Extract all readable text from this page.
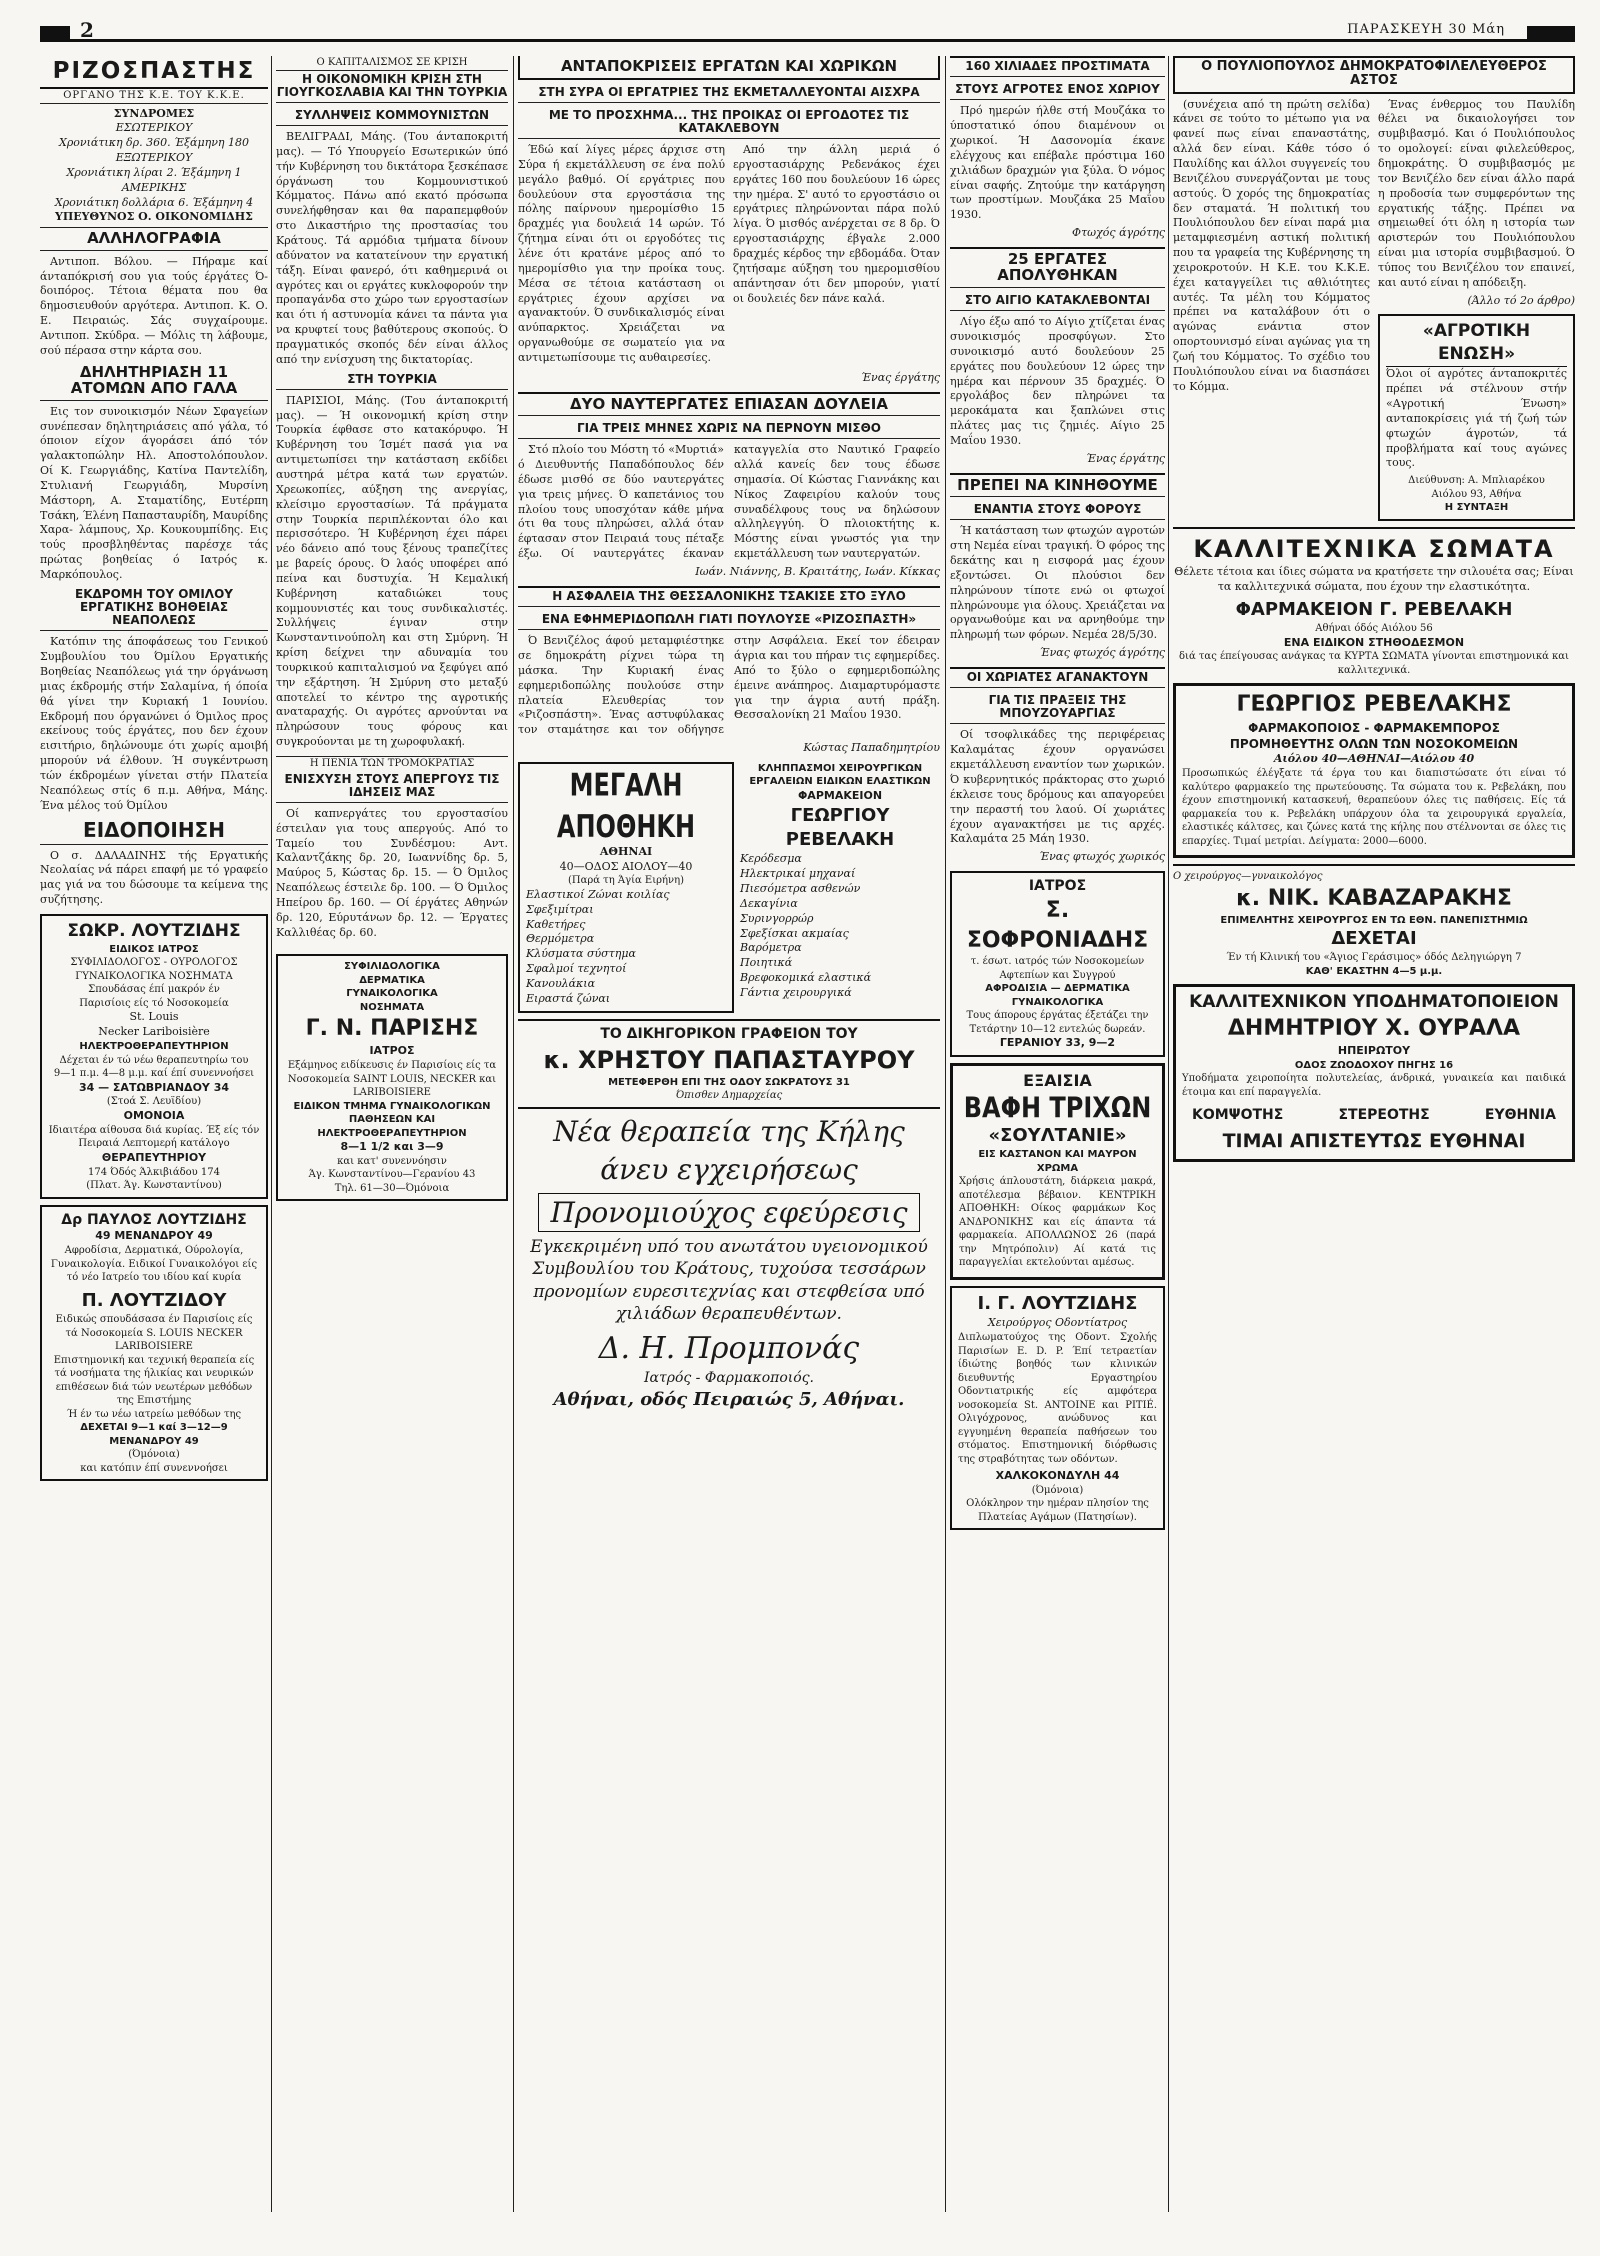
2	ΠΑΡΑΣΚΕΥΗ 30 Μάη
ΡΙΖΟΣΠΑΣΤΗΣ
ΟΡΓΑΝΟ ΤΗΣ Κ.Ε. ΤΟΥ Κ.Κ.Ε.
ΣΥΝΔΡΟΜΕΣ
ΕΣΩΤΕΡΙΚΟΥ
Χρονιάτικη δρ. 360. Έξάμηνη 180
ΕΞΩΤΕΡΙΚΟΥ
Χρονιάτικη λίραι 2. Έξάμηνη 1
ΑΜΕΡΙΚΗΣ
Χρονιάτικη δολλάρια 6. Έξάμηνη 4
ΥΠΕΥΘΥΝΟΣ Ο. ΟΙΚΟΝΟΜΙΔΗΣ
ΑΛΛΗΛΟΓΡΑΦΙΑ

Αντιποπ. Βόλου. — Πήραμε καί άνταπόκρισή σου για τούς έργάτες Ό- δοιπόρος. Τέτοια θέματα που θα δημοσιευθούν αργότερα. Αντιποπ. Κ. Ο. Ε. Πειραιώς. Σάς συγχαίρουμε. Αντιποπ. Σκύδρα. — Μόλις τη λάβουμε, σού πέρασα στην κάρτα σου.

ΔΗΛΗΤΗΡΙΑΣΗ 11 ΑΤΟΜΩΝ ΑΠΟ ΓΑΛΑ

Εις τον συνοικισμόν Νέων Σφαγείων συνέπεσαν δηλητηριάσεις από γάλα, τό όποιον είχον άγοράσει άπό τόν γαλακτοπώλην Ηλ. Αποστολόπουλον. Οί Κ. Γεωργιάδης, Κατίνα Παντελίδη, Στυλιανή Γεωργιάδη, Μυρσίνη Μάστορη, Α. Σταματίδης, Ευτέρπη Τσάκη, Έλένη Παπασταυρίδη, Μαυρίδης Χαρα- λάμπους, Χρ. Κουκουμπίδης. Εις τούς προσβληθέντας παρέσχε τάς πρώτας βοηθείας ό Ιατρός κ. Μαρκόπουλος.

ΕΚΔΡΟΜΗ ΤΟΥ ΟΜΙΛΟΥ ΕΡΓΑΤΙΚΗΣ ΒΟΗΘΕΙΑΣ ΝΕΑΠΟΛΕΩΣ

Κατόπιν της άποφάσεως του Γενικού Συμβουλίου του Όμίλου Εργατικής Βοηθείας Νεαπόλεως γιά την όργάνωση μιας έκδρομής στήν Σαλαμίνα, ή όποία θά γίνει την Κυριακή 1 Ιουνίου. Εκδρομή που όργανώνει ό Όμιλος προς εκείνους τούς έργάτες, που δεν έχουν εισιτήριο, δηλώνουμε ότι χωρίς αμοιβή μπορούν νά έλθουν. Ή συγκέντρωση τών έκδρομέων γίνεται στήν Πλατεία Νεαπόλεως στίς 6 π.μ. Αθήνα, Μάης. Ένα μέλος τού Όμίλου

ΕΙΔΟΠΟΙΗΣΗ

Ο σ. ΔΑΛΑΔΙΝΗΣ τής Εργατικής Νεολαίας νά πάρει επαφή με τό γραφείο μας γιά να του δώσουμε τα κείμενα της συζήτησης.

ΣΩΚΡ. ΛΟΥΤΖΙΔΗΣ
ΕΙΔΙΚΟΣ ΙΑΤΡΟΣ
ΣΥΦΙΛΙΔΟΛΟΓΟΣ - ΟΥΡΟΛΟΓΟΣ
ΓΥΝΑΙΚΟΛΟΓΙΚΑ ΝΟΣΗΜΑΤΑ
Σπουδάσας έπί μακρόν έν
Παρισίοις είς τό Νοσοκομεία
St. Louis
Necker Lariboisière
ΗΛΕΚΤΡΟΘΕΡΑΠΕΥΤΗΡΙΟΝ
Δέχεται έν τώ νέω θεραπευτηρίω του
9—1 π.μ. 4—8 μ.μ. καί έπί συνεννοήσει
34 — ΣΑΤΩΒΡΙΑΝΔΟΥ 34
(Στοά Σ. Λευϊδίου)
ΟΜΟΝΟΙΑ
Ιδιαιτέρα αίθουσα διά κυρίας. Έξ είς τόν Πειραιά Λεπτομερή κατάλογο
ΘΕΡΑΠΕΥΤΗΡΙΟΥ
174 Όδός Άλκιβιάδου 174
(Πλατ. Άγ. Κωνσταντίνου)
Δρ ΠΑΥΛΟΣ ΛΟΥΤΖΙΔΗΣ
49 ΜΕΝΑΝΔΡΟΥ 49
Αφροδίσια, Δερματικά, Ούρολογία, Γυναικολογία. Ειδικοί Γυναικολόγοι είς τό νέο Ιατρείο του ιδίου καί κυρία
Π. ΛΟΥΤΖΙΔΟΥ
Ειδικώς σπουδάσασα έν Παρισίοις είς τά Νοσοκομεία S. LOUIS NECKER LARIBOISIERE
Επιστημονική και τεχνική θεραπεία είς τά νοσήματα της ήλικίας και νευρικών επιθέσεων διά τών νεωτέρων μεθόδων της Επιστήμης
Ή έν τω νέω ιατρείω μεθόδων της
ΔΕΧΕΤΑΙ 9—1 καί 3—12—9
ΜΕΝΑΝΔΡΟΥ 49
(Όμόνοια)
και κατόπιν έπί συνεννοήσει
Ο ΚΑΠΙΤΑΛΙΣΜΟΣ ΣΕ ΚΡΙΣΗ
Η ΟΙΚΟΝΟΜΙΚΗ ΚΡΙΣΗ ΣΤΗ ΓΙΟΥΓΚΟΣΛΑΒΙΑ ΚΑΙ ΤΗΝ ΤΟΥΡΚΙΑ
ΣΥΛΛΗΨΕΙΣ ΚΟΜΜΟΥΝΙΣΤΩΝ

ΒΕΛΙΓΡΑΔΙ, Μάης. (Του άνταποκριτή μας). — Τό Υπουργείο Εσωτερικών ύπό τήν Κυβέρνηση του δικτάτορα ξεσκέπασε όργάνωση του Κομμουνιστικού Κόμματος. Πάνω από εκατό πρόσωπα συνελήφθησαν και θα παραπεμφθούν στο Δικαστήριο της προστασίας του Κράτους. Τά αρμόδια τμήματα δίνουν αδύνατον να κατατείνουν την εργατική τάξη. Είναι φανερό, ότι καθημερινά οι αγρότες και οι εργάτες κυκλοφορούν την προπαγάνδα στο χώρο των εργοστασίων και ότι ή αστυνομία κάνει τα πάντα για να κρυφτεί τους βαθύτερους σκοπούς. Ό πραγματικός σκοπός δέν είναι άλλος από την ενίσχυση της δικτατορίας.

ΣΤΗ ΤΟΥΡΚΙΑ

ΠΑΡΙΣΙΟΙ, Μάης. (Του άνταποκριτή μας). — Ή οικονομική κρίση στην Τουρκία έφθασε στο κατακόρυφο. Ή Κυβέρνηση του Ίσμέτ πασά για να αντιμετωπίσει την κατάσταση εκδίδει αυστηρά μέτρα κατά των εργατών. Χρεωκοπίες, αύξηση της ανεργίας, κλείσιμο εργοστασίων. Τά πράγματα στην Τουρκία περιπλέκονται όλο και περισσότερο. Ή Κυβέρνηση έχει πάρει νέο δάνειο από τους ξένους τραπεζίτες με βαρείς όρους. Ό λαός υποφέρει από πείνα και δυστυχία. Ή Κεμαλική Κυβέρνηση καταδιώκει τους κομμουνιστές και τους συνδικαλιστές. Συλλήψεις έγιναν στην Κωνσταντινούπολη και στη Σμύρνη. Ή κρίση δείχνει την αδυναμία του τουρκικού καπιταλισμού να ξεφύγει από την εξάρτηση. Ή Σμύρνη στο μεταξύ αποτελεί το κέντρο της αγροτικής αναταραχής. Οι αγρότες αρνούνται να πληρώσουν τους φόρους και συγκρούονται με τη χωροφυλακή.

Η ΠΕΝΙΑ ΤΩΝ ΤΡΟΜΟΚΡΑΤΙΑΣ
ΕΝΙΣΧΥΣΗ ΣΤΟΥΣ ΑΠΕΡΓΟΥΣ ΤΙΣ ΙΔΗΣΕΙΣ ΜΑΣ

Οί καπνεργάτες του εργοστασίου έστειλαν για τους απεργούς. Από το Ταμείο του Συνδέσμου: Αντ. Καλαντζάκης δρ. 20, Ιωαννίδης δρ. 5, Μαύρος 5, Κώστας δρ. 15. — Ό Όμιλος Νεαπόλεως έστειλε δρ. 100. — Ό Όμιλος Ηπείρου δρ. 160. — Οί έργάτες Αθηνών δρ. 120, Εύρυτάνων δρ. 12. — Έργατες Καλλιθέας δρ. 60.

ΣΥΦΙΛΙΔΟΛΟΓΙΚΑ
ΔΕΡΜΑΤΙΚΑ
ΓΥΝΑΙΚΟΛΟΓΙΚΑ
ΝΟΣΗΜΑΤΑ
Γ. Ν. ΠΑΡΙΣΗΣ
ΙΑΤΡΟΣ
Εξάμηνος ειδίκευσις έν Παρισίοις είς τα Νοσοκομεία SAINT LOUIS, NECKER και LARIBOISIERE
ΕΙΔΙΚΟΝ ΤΜΗΜΑ ΓΥΝΑΙΚΟΛΟΓΙΚΩΝ ΠΑΘΗΣΕΩΝ ΚΑΙ ΗΛΕΚΤΡΟΘΕΡΑΠΕΥΤΗΡΙΟΝ
8—1 1/2 και 3—9
και κατ' συνεννόησιν
Άγ. Κωνσταντίνου—Γερανίου 43
Τηλ. 61—30—Όμόνοια
ΑΝΤΑΠΟΚΡΙΣΕΙΣ ΕΡΓΑΤΩΝ ΚΑΙ ΧΩΡΙΚΩΝ
ΣΤΗ ΣΥΡΑ ΟΙ ΕΡΓΑΤΡΙΕΣ ΤΗΣ ΕΚΜΕΤΑΛΛΕΥΟΝΤΑΙ ΑΙΣΧΡΑ
ΜΕ ΤΟ ΠΡΟΣΧΗΜΑ... ΤΗΣ ΠΡΟΙΚΑΣ ΟΙ ΕΡΓΟΔΟΤΕΣ ΤΙΣ ΚΑΤΑΚΛΕΒΟΥΝ

Έδώ καί λίγες μέρες άρχισε στη Σύρα ή εκμετάλλευση σε ένα πολύ μεγάλο βαθμό. Οί εργάτριες που δουλεύουν στα εργοστάσια της πόλης παίρνουν ημερομίσθιο 15 δραχμές για δουλειά 14 ωρών. Τό ζήτημα είναι ότι οι εργοδότες τις λένε ότι κρατάνε μέρος από το ημερομίσθιο για την προίκα τους. Μέσα σε τέτοια κατάσταση οι εργάτριες έχουν αρχίσει να αγανακτούν. Ό συνδικαλισμός είναι ανύπαρκτος. Χρειάζεται να οργανωθούμε σε σωματείο για να αντιμετωπίσουμε τις αυθαιρεσίες.

Από την άλλη μεριά ό εργοστασιάρχης Ρεδενάκος έχει εργάτες 160 που δουλεύουν 16 ώρες την ημέρα. Σ' αυτό το εργοστάσιο οι εργάτριες πληρώνονται πάρα πολύ λίγα. Ό μισθός ανέρχεται σε 8 δρ. Ό εργοστασιάρχης έβγαλε 2.000 δραχμές κέρδος την εβδομάδα. Όταν ζητήσαμε αύξηση του ημερομισθίου απάντησαν ότι δεν μπορούν, γιατί οι δουλειές δεν πάνε καλά.

Ένας έργάτης
ΔΥΟ ΝΑΥΤΕΡΓΑΤΕΣ ΕΠΙΑΣΑΝ ΔΟΥΛΕΙΑ
ΓΙΑ ΤΡΕΙΣ ΜΗΝΕΣ ΧΩΡΙΣ ΝΑ ΠΕΡΝΟΥΝ ΜΙΣΘΟ

Στό πλοίο του Μόστη τό «Μυρτιά» ό Διευθυντής Παπαδόπουλος δέν έδωσε μισθό σε δύο ναυτεργάτες για τρεις μήνες. Ό καπετάνιος του πλοίου τους υποσχόταν κάθε μήνα ότι θα τους πληρώσει, αλλά όταν έφτασαν στον Πειραιά τους πέταξε έξω. Οί ναυτεργάτες έκαναν καταγγελία στο Ναυτικό Γραφείο αλλά κανείς δεν τους έδωσε σημασία. Οί Κώστας Γιαννάκης και Νίκος Ζαφειρίου καλούν τους συναδέλφους τους να δηλώσουν αλληλεγγύη. Ό πλοιοκτήτης κ. Μόστης είναι γνωστός για την εκμετάλλευση των ναυτεργατών.

Ιωάν. Νιάννης, Β. Κραιτάτης, Ιωάν. Κίκκας
Η ΑΣΦΑΛΕΙΑ ΤΗΣ ΘΕΣΣΑΛΟΝΙΚΗΣ ΤΣΑΚΙΣΕ ΣΤΟ ΞΥΛΟ
ΕΝΑ ΕΦΗΜΕΡΙΔΟΠΩΛΗ ΓΙΑΤΙ ΠΟΥΛΟΥΣΕ «ΡΙΖΟΣΠΑΣΤΗ»

Ό Βενιζέλος άφού μεταμφιέστηκε σε δημοκράτη ρίχνει τώρα τη μάσκα. Την Κυριακή ένας εφημεριδοπώλης πουλούσε στην πλατεία Ελευθερίας τον «Ριζοσπάστη». Ένας αστυφύλακας τον σταμάτησε και τον οδήγησε στην Ασφάλεια. Εκεί τον έδειραν άγρια και του πήραν τις εφημερίδες. Από το ξύλο ο εφημεριδοπώλης έμεινε ανάπηρος. Διαμαρτυρόμαστε για την άγρια αυτή πράξη. Θεσσαλονίκη 21 Μαΐου 1930.

Κώστας Παπαδημητρίου
ΜΕΓΑΛΗ ΑΠΟΘΗΚΗ
ΑΘΗΝΑΙ
40—ΟΔΟΣ ΑΙΟΛΟΥ—40
(Παρά τη Άγία Ειρήνη)
Ελαστικοί Ζώναι κοιλίας
Σφεξιμίτραι
Καθετήρες
Θερμόμετρα
Κλύσματα σύστημα
Σφαλμοί τεχνητοί
Κανουλάκια
Ειραστά ζώναι
ΚΛΗΠΠΑΣΜΟΙ ΧΕΙΡΟΥΡΓΙΚΩΝ ΕΡΓΑΛΕΙΩΝ ΕΙΔΙΚΩΝ ΕΛΑΣΤΙΚΩΝ
ΦΑΡΜΑΚΕΙΟΝ
ΓΕΩΡΓΙΟΥ ΡΕΒΕΛΑΚΗ
Κερόδεσμα
Ηλεκτρικαί μηχαναί
Πιεσόμετρα ασθενών
Δεκαγίνια
Συρινγορρώρ
Σφεξίσκαι ακμαίας
Βαρόμετρα
Ποιητικά
Βρεφοκομικά ελαστικά
Γάντια χειρουργικά
ΤΟ ΔΙΚΗΓΟΡΙΚΟΝ ΓΡΑΦΕΙΟΝ ΤΟΥ
κ. ΧΡΗΣΤΟΥ ΠΑΠΑΣΤΑΥΡΟΥ
ΜΕΤΕΦΕΡΘΗ ΕΠΙ ΤΗΣ ΟΔΟΥ ΣΩΚΡΑΤΟΥΣ 31
Όπισθεν Δημαρχείας
Νέα θεραπεία της Κήλης
άνευ εγχειρήσεως
Προνομιούχος εφεύρεσις
Εγκεκριμένη υπό του ανωτάτου υγειονομικού Συμβουλίου του Κράτους, τυχούσα τεσσάρων προνομίων ευρεσιτεχνίας και στεφθείσα υπό χιλιάδων θεραπευθέντων.
Δ. Η. Προμπονάς
Ιατρός - Φαρμακοποιός.
Αθήναι, οδός Πειραιώς 5, Αθήναι.
160 ΧΙΛΙΑΔΕΣ ΠΡΟΣΤΙΜΑΤΑ
ΣΤΟΥΣ ΑΓΡΟΤΕΣ ΕΝΟΣ ΧΩΡΙΟΥ

Πρό ημερών ήλθε στή Μουζάκα το ύποστατικό όπου διαμένουν οι χωρικοί. Ή Δασονομία έκανε ελέγχους και επέβαλε πρόστιμα 160 χιλιάδων δραχμών για ξύλα. Ό νόμος είναι σαφής. Ζητούμε την κατάργηση των προστίμων. Μουζάκα 25 Μαΐου 1930.

Φτωχός άγρότης
25 ΕΡΓΑΤΕΣ ΑΠΟΛΥΘΗΚΑΝ
ΣΤΟ ΑΙΓΙΟ ΚΑΤΑΚΛΕΒΟΝΤΑΙ

Λίγο έξω από το Αίγιο χτίζεται ένας συνοικισμός προσφύγων. Στο συνοικισμό αυτό δουλεύουν 25 εργάτες που δουλεύουν 12 ώρες την ημέρα και πέρνουν 35 δραχμές. Ό εργολάβος δεν πληρώνει τα μεροκάματα και ξαπλώνει στις πλάτες μας τις ζημιές. Αίγιο 25 Μαΐου 1930.

Ένας έργάτης
ΠΡΕΠΕΙ ΝΑ ΚΙΝΗΘΟΥΜΕ
ΕΝΑΝΤΙΑ ΣΤΟΥΣ ΦΟΡΟΥΣ

Ή κατάσταση των φτωχών αγροτών στη Νεμέα είναι τραγική. Ό φόρος της δεκάτης και η εισφορά μας έχουν εξοντώσει. Οι πλούσιοι δεν πληρώνουν τίποτε ενώ οι φτωχοί πληρώνουμε για όλους. Χρειάζεται να οργανωθούμε και να αρνηθούμε την πληρωμή των φόρων. Νεμέα 28/5/30.

Ένας φτωχός άγρότης
ΟΙ ΧΩΡΙΑΤΕΣ ΑΓΑΝΑΚΤΟΥΝ
ΓΙΑ ΤΙΣ ΠΡΑΞΕΙΣ ΤΗΣ ΜΠΟΥΖΟΥΑΡΓΙΑΣ

Οί τσοφλικάδες της περιφέρειας Καλαμάτας έχουν οργανώσει εκμετάλλευση εναντίον των χωρικών. Ό κυβερνητικός πράκτορας στο χωριό έκλεισε τους δρόμους και απαγορεύει την περαστή του λαού. Οί χωριάτες έχουν αγανακτήσει με τις αρχές. Καλαμάτα 25 Μάη 1930.

Ένας φτωχός χωρικός
ΙΑΤΡΟΣ
Σ. ΣΟΦΡΟΝΙΑΔΗΣ
τ. έσωτ. ιατρός τών Νοσοκομείων Αφτεπίων και Συγγρού
ΑΦΡΟΔΙΣΙΑ — ΔΕΡΜΑΤΙΚΑ
ΓΥΝΑΙΚΟΛΟΓΙΚΑ
Τους άπορους έργάτας έξετάζει την Τετάρτην 10—12 εντελώς δωρεάν.
ΓΕΡΑΝΙΟΥ 33, 9—2
ΕΞΑΙΣΙΑ
ΒΑΦΗ ΤΡΙΧΩΝ
«ΣΟΥΛΤΑΝΙΕ»
ΕΙΣ ΚΑΣΤΑΝΟΝ ΚΑΙ ΜΑΥΡΟΝ ΧΡΩΜΑ

Χρήσις άπλουστάτη, διάρκεια μακρά, αποτέλεσμα βέβαιον. ΚΕΝΤΡΙΚΗ ΑΠΟΘΗΚΗ: Οίκος φαρμάκων Κος ΑΝΔΡΟΝΙΚΗΣ και είς άπαντα τά φαρμακεία. ΑΠΟΛΛΩΝΟΣ 26 (παρά την Μητρόπολιν) Αί κατά τις παραγγελίαι εκτελούνται αμέσως.

Ι. Γ. ΛΟΥΤΖΙΔΗΣ
Χειρούργος Οδοντίατρος

Διπλωματούχος της Οδοντ. Σχολής Παρισίων E. D. P. Έπί τετραετίαν ίδιώτης βοηθός των κλινικών διευθυντής Εργαστηρίου Οδοντιατρικής είς αμφότερα νοσοκομεία St. ANTOINE και PITIÉ. Ολιγόχρονος, ανώδυνος και εγγυημένη θεραπεία παθήσεων του στόματος. Επιστημονική διόρθωσις της στραβότητας των οδόντων.

ΧΑΛΚΟΚΟΝΔΥΛΗ 44
(Όμόνοια)
Ολόκληρον την ημέραν πλησίον της Πλατείας Αγάμων (Πατησίων).
Ο ΠΟΥΛΙΟΠΟΥΛΟΣ ΔΗΜΟΚΡΑΤΟΦΙΛΕΛΕΥΘΕΡΟΣ ΑΣΤΟΣ

(συνέχεια από τη πρώτη σελίδα) κάνει σε τούτο το μέτωπο για να φανεί πως είναι επαναστάτης, αλλά δεν είναι. Κάθε τόσο ό Παυλίδης και άλλοι συγγενείς του Βενιζέλου συνεργάζονται με τους αστούς. Ό χορός της δημοκρατίας δεν σταματά. Ή πολιτική του Πουλιόπουλου δεν είναι παρά μια μεταμφιεσμένη αστική πολιτική που τα γραφεία της Κυβέρνησης τη χειροκροτούν. Η Κ.Ε. του Κ.Κ.Ε. έχει καταγγείλει τις αθλιότητες αυτές. Τα μέλη του Κόμματος πρέπει να καταλάβουν ότι ο αγώνας ενάντια στον οπορτουνισμό είναι αγώνας για τη ζωή του Κόμματος. Το σχέδιο του Πουλιόπουλου είναι να διασπάσει το Κόμμα.

Ένας ένθερμος του Παυλίδη θέλει να δικαιολογήσει τον συμβιβασμό. Και ό Πουλιόπουλος το ομολογεί: είναι φιλελεύθερος, δημοκράτης. Ό συμβιβασμός με τον Βενιζέλο δεν είναι άλλο παρά η προδοσία των συμφερόντων της εργατικής τάξης. Πρέπει να σημειωθεί ότι όλη η ιστορία των αριστερών του Πουλιόπουλου είναι μια ιστορία συμβιβασμού. Ό τύπος του Βενιζέλου τον επαινεί, και αυτό είναι η απόδειξη.

(Άλλο τό 2ο άρθρο)
«ΑΓΡΟΤΙΚΗ ΕΝΩΣΗ»

Όλοι οί αγρότες άνταποκριτές πρέπει νά στέλνουν στήν «Αγροτική Ένωση» ανταποκρίσεις γιά τή ζωή τών φτωχών άγροτών, τά προβλήματα καί τους αγώνες τους.

Διεύθυνση: Α. Μπλιαρέκου
Αιόλου 93, Αθήνα
Η ΣΥΝΤΑΞΗ
ΚΑΛΛΙΤΕΧΝΙΚΑ ΣΩΜΑΤΑ

Θέλετε τέτοια και ίδιες σώματα να κρατήσετε την σιλουέτα σας; Είναι τα καλλιτεχνικά σώματα, που έχουν την ελαστικότητα.

ΦΑΡΜΑΚΕΙΟΝ Γ. ΡΕΒΕΛΑΚΗ
Αθήναι όδός Αιόλου 56
ΕΝΑ ΕΙΔΙΚΟΝ ΣΤΗΘΟΔΕΣΜΟΝ
διά τας έπείγουσας ανάγκας τα ΚΥΡΤΑ ΣΩΜΑΤΑ γίνονται επιστημονικά και καλλιτεχνικά.
ΓΕΩΡΓΙΟΣ ΡΕΒΕΛΑΚΗΣ
ΦΑΡΜΑΚΟΠΟΙΟΣ - ΦΑΡΜΑΚΕΜΠΟΡΟΣ
ΠΡΟΜΗΘΕΥΤΗΣ ΟΛΩΝ ΤΩΝ ΝΟΣΟΚΟΜΕΙΩΝ
Αιόλου 40—ΑΘΗΝΑΙ—Αιόλου 40

Προσωπικώς έλέγξατε τά έργα του και διαπιστώσατε ότι είναι τό καλύτερο φαρμακείο της πρωτεύουσης. Τα σώματα του κ. Ρεβελάκη, που έχουν επιστημονική κατασκευή, θεραπεύουν όλες τις παθήσεις. Είς τά φαρμακεία του κ. Ρεβελάκη υπάρχουν όλα τα χειρουργικά εργαλεία, ελαστικές κάλτσες, και ζώνες κατά της κήλης που στέλνονται σε όλες τις επαρχίες. Τιμαί μετρίαι. Δείγματα: 2000—6000.

Ο χειρούργος—γυναικολόγος
κ. ΝΙΚ. ΚΑΒΑΖΑΡΑΚΗΣ
ΕΠΙΜΕΛΗΤΗΣ ΧΕΙΡΟΥΡΓΟΣ ΕΝ ΤΩ ΕΘΝ. ΠΑΝΕΠΙΣΤΗΜΙΩ
ΔΕΧΕΤΑΙ
Έν τή Κλινική του «Άγιος Γεράσιμος» όδός Δεληγιώργη 7
ΚΑΘ' ΕΚΑΣΤΗΝ 4—5 μ.μ.
ΚΑΛΛΙΤΕΧΝΙΚΟΝ ΥΠΟΔΗΜΑΤΟΠΟΙΕΙΟΝ
ΔΗΜΗΤΡΙΟΥ Χ. ΟΥΡΑΛΑ
ΗΠΕΙΡΩΤΟΥ
ΟΔΟΣ ΖΩΟΔΟΧΟΥ ΠΗΓΗΣ 16

Υποδήματα χειροποίητα πολυτελείας, άνδρικά, γυναικεία και παιδικά έτοιμα και επί παραγγελία.

ΚΟΜΨΟΤΗΣ	ΣΤΕΡΕΟΤΗΣ	ΕΥΘΗΝΙΑ
ΤΙΜΑΙ ΑΠΙΣΤΕΥΤΩΣ ΕΥΘΗΝΑΙ
